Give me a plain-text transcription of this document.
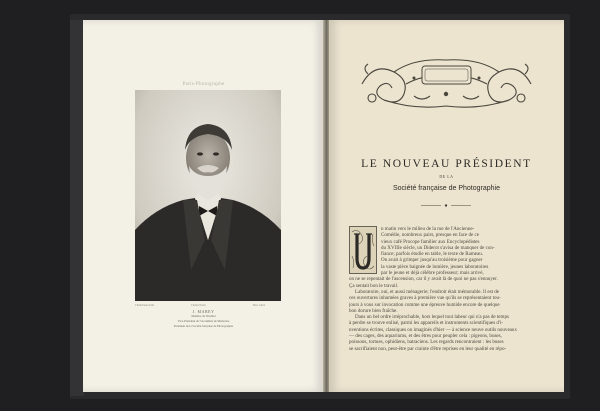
Paris-Photographe
Cliché Pierre Petit	Clichés Nadar	Phot. Gillot
J. MAREY
Membre de l'Institut
Vice-Président de l'Académie de Médecine
Président de la Société française de Photographie
LE NOUVEAU PRÉSIDENT
DE LA
Société française de Photographie
n matin vers le milieu de la rue de l'Ancienne-
Comédie, nombreux pairs, presque en face de ce
vieux café Procope familier aux Encyclopédistes
du XVIIIe siècle, un Diderot s'avisa de manquer de con-
fiance; parfois étudie en table, le texte de Rameau.
On avait à grimper jusqu'au troisième pour gagner
la vaste pièce baignée de lumière, jeunes laboratoires
par le jeune et déjà célèbre professeur; mais arrivé,
on ne se repentait de l'ascension, car il y avait là de quoi ne pas s'ennuyer.
Ça sentait bon le travail.
Laboratoire, oui, et aussi ménagerie; l'endroit était mémorable. Il est de
ces ouvertures inhumées graves à première vue qu'ils se représentaient tou-
jours à vous sur invocation comme une épreuve humide encore de quelque
bon dorure bien fraîche.
Dans un bel ordre irréprochable, hors lequel tout labeur qui n'a pas de temps
à perdre se trouve enlisé, parmi les appareils et instruments scientifiques d'i-
nventions écrites, classiques ou imaginés d'hier — à science neuve outils nouveaux
— des cages, des aquariums, et des êtres pour peupler cela : pigeons, buses,
poissons, tortues, ophidiens, batraciens. Les regards rencontraient : les buses
se sacrifiaient non, peut-être par crainte d'être reprises en leur qualité en répo-
